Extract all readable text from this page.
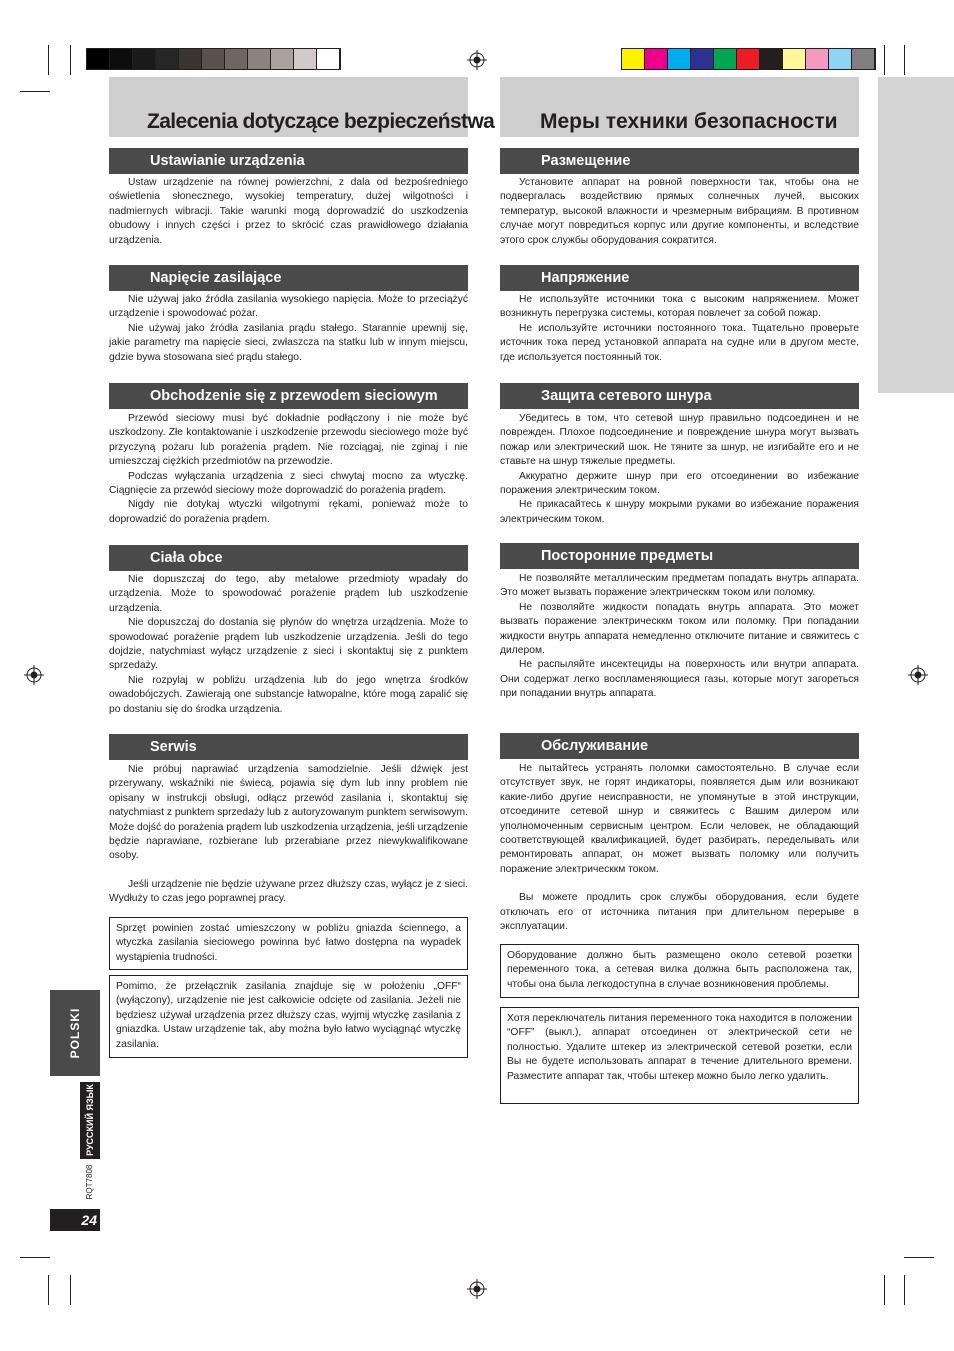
Zalecenia dotyczące bezpieczeństwa
Ustawianie urządzenia

Ustaw urządzenie na równej powierzchni, z dala od bezpośredniego oświetlenia słonecznego, wysokiej temperatury, dużej wilgotności i nadmiernych wibracji. Takie warunki mogą doprowadzić do uszkodzenia obudowy i innych części i przez to skrócić czas prawidłowego działania urządzenia.

Napięcie zasilające

Nie używaj jako źródła zasilania wysokiego napięcia. Może to przeciążyć urządzenie i spowodować pożar.

Nie używaj jako źródła zasilania prądu stałego. Starannie upewnij się, jakie parametry ma napięcie sieci, zwłaszcza na statku lub w innym miejscu, gdzie bywa stosowana sieć prądu stałego.

Obchodzenie się z przewodem sieciowym

Przewód sieciowy musi być dokładnie podłączony i nie może być uszkodzony. Złe kontaktowanie i uszkodzenie przewodu sieciowego może być przyczyną pożaru lub porażenia prądem. Nie rozciągaj, nie zginaj i nie umieszczaj ciężkich przedmiotów na przewodzie.

Podczas wyłączania urządzenia z sieci chwytaj mocno za wtyczkę. Ciągnięcie za przewód sieciowy może doprowadzić do porażenia prądem.

Nigdy nie dotykaj wtyczki wilgotnymi rękami, ponieważ może to doprowadzić do porażenia prądem.

Ciała obce

Nie dopuszczaj do tego, aby metalowe przedmioty wpadały do urządzenia. Może to spowodować porażenie prądem lub uszkodzenie urządzenia.

Nie dopuszczaj do dostania się płynów do wnętrza urządzenia. Może to spowodować porażenie prądem lub uszkodzenie urządzenia. Jeśli do tego dojdzie, natychmiast wyłącz urządzenie z sieci i skontaktuj się z punktem sprzedaży.

Nie rozpylaj w pobliżu urządzenia lub do jego wnętrza środków owadobójczych. Zawierają one substancje łatwopalne, które mogą zapalić się po dostaniu się do środka urządzenia.

Serwis

Nie próbuj naprawiać urządzenia samodzielnie. Jeśli dźwięk jest przerywany, wskaźniki nie świecą, pojawia się dym lub inny problem nie opisany w instrukcji obsługi, odłącz przewód zasilania i, skontaktuj się natychmiast z punktem sprzedaży lub z autoryzowanym punktem serwisowym. Może dojść do porażenia prądem lub uszkodzenia urządzenia, jeśli urządzenie będzie naprawiane, rozbierane lub przerabiane przez niewykwalifikowane osoby.

Jeśli urządzenie nie będzie używane przez dłuższy czas, wyłącz je z sieci. Wydłuży to czas jego poprawnej pracy.

Sprzęt powinien zostać umieszczony w pobliżu gniazda ściennego, a wtyczka zasilania sieciowego powinna być łatwo dostępna na wypadek wystąpienia trudności.

Pomimo, że przełącznik zasilania znajduje się w położeniu „OFF“ (wyłączony), urządzenie nie jest całkowicie odcięte od zasilania. Jeżeli nie będziesz używał urządzenia przez dłuższy czas, wyjmij wtyczkę zasilania z gniazdka. Ustaw urządzenie tak, aby można było łatwo wyciągnąć wtyczkę zasilania.

Меры техники безопасности
Размещение

Установите аппарат на ровной поверхности так, чтобы она не подвергалась воздействию прямых солнечных лучей, высоких температур, высокой влажности и чрезмерным вибрациям. В противном случае могут повредиться корпус или другие компоненты, и вследствие этого срок службы оборудования сократится.

Напряжение

Не используйте источники тока с высоким напряжением. Может возникнуть перегрузка системы, которая повлечет за собой пожар.

Не используйте источники постоянного тока. Тщательно проверьте источник тока перед установкой аппарата на судне или в другом месте, где используется постоянный ток.

Защита сетевого шнура

Убедитесь в том, что сетевой шнур правильно подсоединен и не поврежден. Плохое подсоединение и повреждение шнура могут вызвать пожар или электрический шок. Не тяните за шнур, не изгибайте его и не ставьте на шнур тяжелые предметы.

Аккуратно держите шнур при его отсоединении во избежание поражения электрическим током.

Не прикасайтесь к шнуру мокрыми руками во избежание поражения электрическим током.

Посторонние предметы

Не позволяйте металлическим предметам попадать внутрь аппарата. Это может вызвать поражение электрическкм током или поломку.

Не позволяйте жидкости попадать внутрь аппарата. Это может вызвать поражение электрическкм током или поломку. При попадании жидкости внутрь аппарата немедленно отключите питание и свяжитесь с дилером.

Не распыляйте инсектециды на поверхность или внутри аппарата. Они содержат легко воспламеняющиеся газы, которые могут загореться при попадании внутрь аппарата.

Обслуживание

Не пытайтесь устранять поломки самостоятельно. В случае если отсутствует звук, не горят индикаторы, появляется дым или возникают какие-либо другие неисправности, не упомянутые в этой инструкции, отсоедините сетевой шнур и свяжитесь с Вашим дилером или уполномоченным сервисным центром. Если человек, не обладающий соответствующей квалификацией, будет разбирать, переделывать или ремонтировать аппарат, он может вызвать поломку или получить поражение электрическкм током.

Вы можете продлить срок службы оборудования, если будете отключать его от источника питания при длительном перерыве в эксплуатации.

Оборудование должно быть размещено около сетевой розетки переменного тока, а сетевая вилка должна быть расположена так, чтобы она была легкодоступна в случае возникновения проблемы.

Хотя переключатель питания переменного тока находится в положении “OFF” (выкл.), аппарат отсоединен от электрической сети не полностью. Удалите штекер из электрической сетевой розетки, если Вы не будете использовать аппарат в течение длительного времени. Разместите аппарат так, чтобы штекер можно было легко удалить.

POLSKI
РУССКИЙ ЯЗЫК
RQT7808
24
